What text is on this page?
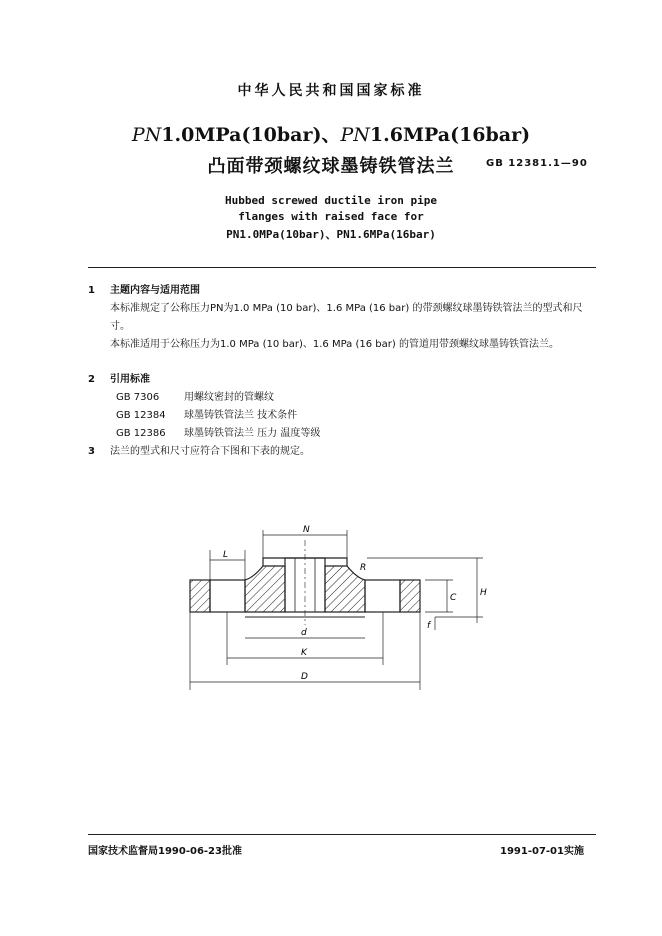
中华人民共和国国家标准
PN1.0MPa(10bar)、PN1.6MPa(16bar)
凸面带颈螺纹球墨铸铁管法兰	GB 12381.1—90
Hubbed screwed ductile iron pipe
flanges with raised face for
PN1.0MPa(10bar)、PN1.6MPa(16bar)
1 主题内容与适用范围
本标准规定了公称压力PN为1.0 MPa (10 bar)、1.6 MPa (16 bar) 的带颈螺纹球墨铸铁管法兰的型式和尺寸。
本标准适用于公称压力为1.0 MPa (10 bar)、1.6 MPa (16 bar) 的管道用带颈螺纹球墨铸铁管法兰。
2 引用标准
GB 7306 用螺纹密封的管螺纹
GB 12384 球墨铸铁管法兰 技术条件
GB 12386 球墨铸铁管法兰 压力 温度等级
3 法兰的型式和尺寸应符合下图和下表的规定。
N
L
R
C	H
f
d
K
D
国家技术监督局1990-06-23批准	1991-07-01实施
